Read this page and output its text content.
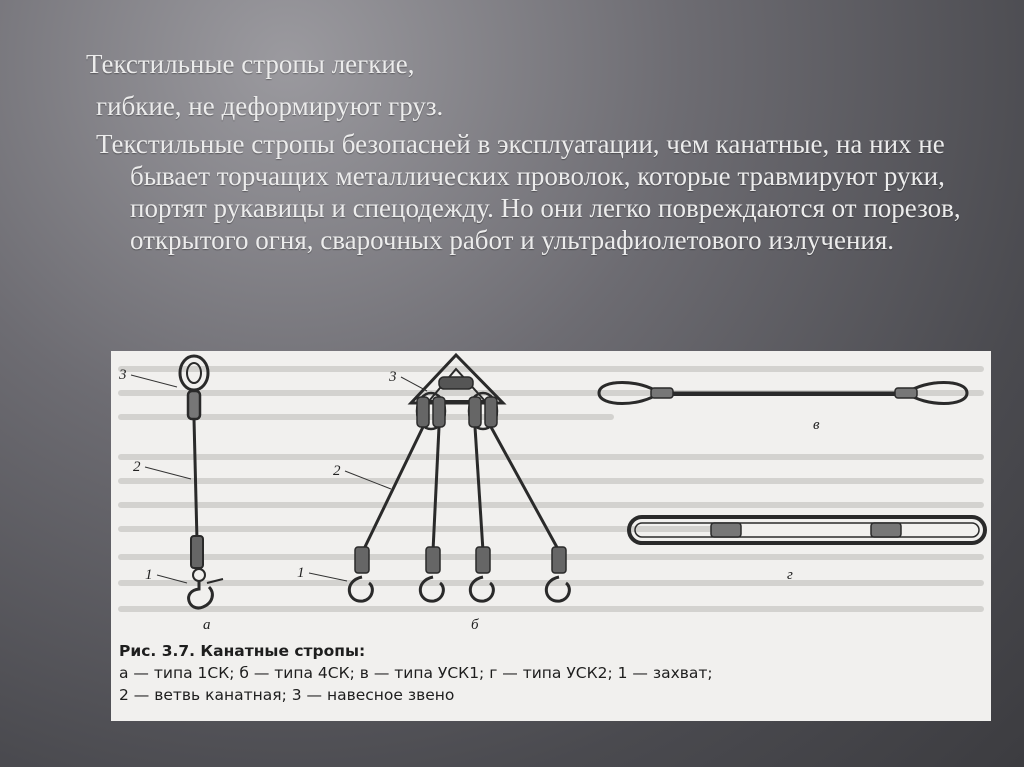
Текстильные стропы легкие,
гибкие, не деформируют груз.
Текстильные стропы безопасней в эксплуатации, чем канатные, на них не бывает торчащих металлических проволок, которые травмируют руки, портят рукавицы и спецодежду. Но они легко повреждаются от порезов, открытого огня, сварочных работ и ультрафиолетового излучения.
3
2
1
а
3
2
1
б
в
г
Рис. 3.7. Канатные стропы:
а — типа 1СК; б — типа 4СК; в — типа УСК1; г — типа УСК2; 1 — захват;
2 — ветвь канатная; 3 — навесное звено
